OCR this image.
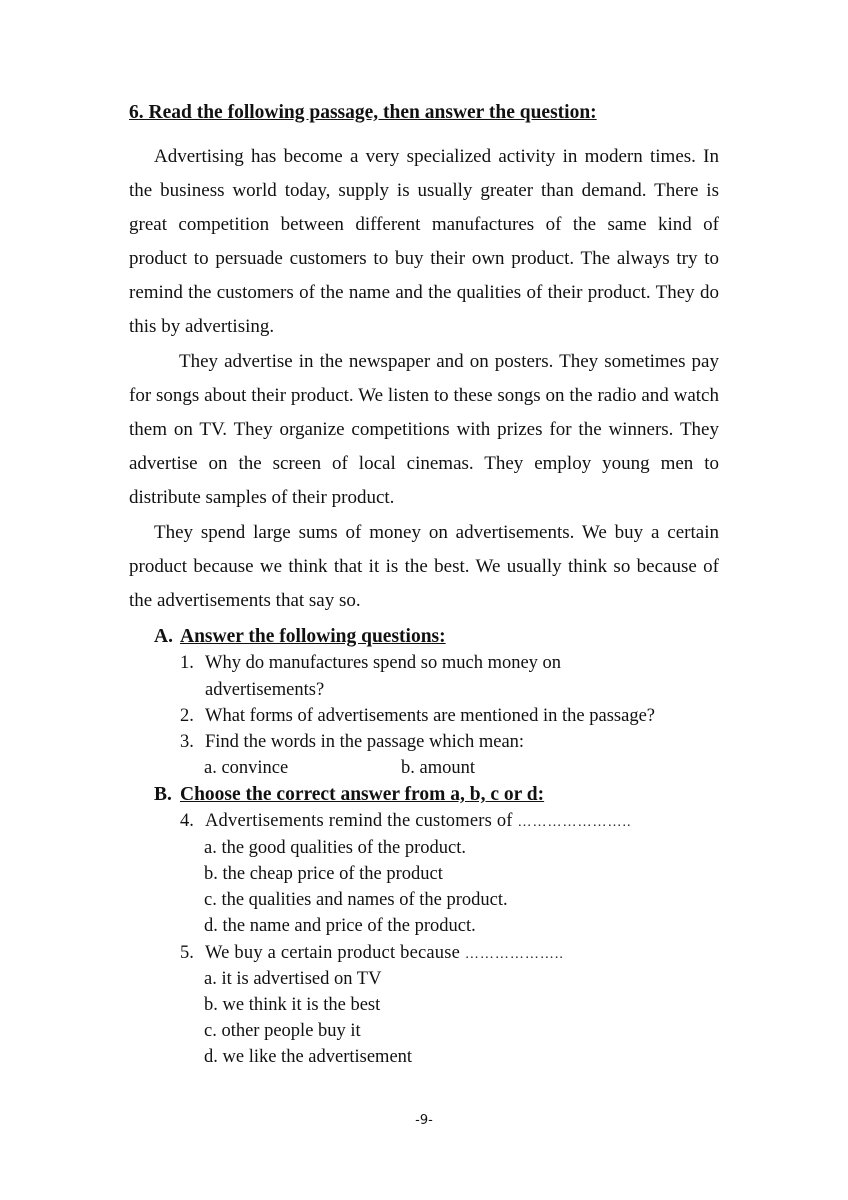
6. Read the following passage, then answer the question:

Advertising has become a very specialized activity in modern times. In the business world today, supply is usually greater than demand. There is great competition between different manufactures of the same kind of product to persuade customers to buy their own product. The always try to remind the customers of the name and the qualities of their product. They do this by advertising.

They advertise in the newspaper and on posters. They sometimes pay for songs about their product. We listen to these songs on the radio and watch them on TV. They organize competitions with prizes for the winners. They advertise on the screen of local cinemas. They employ young men to distribute samples of their product.

They spend large sums of money on advertisements. We buy a certain product because we think that it is the best. We usually think so because of the advertisements that say so.

A. Answer the following questions:
1. Why do manufactures spend so much money on
advertisements?
2. What forms of advertisements are mentioned in the passage?
3. Find the words in the passage which mean:
a. convince	b. amount
B. Choose the correct answer from a, b, c or d:
4. Advertisements remind the customers of …………………..
a. the good qualities of the product.
b. the cheap price of the product
c. the qualities and names of the product.
d. the name and price of the product.
5. We buy a certain product because ………………..
a. it is advertised on TV
b. we think it is the best
c. other people buy it
d. we like the advertisement
-9-
